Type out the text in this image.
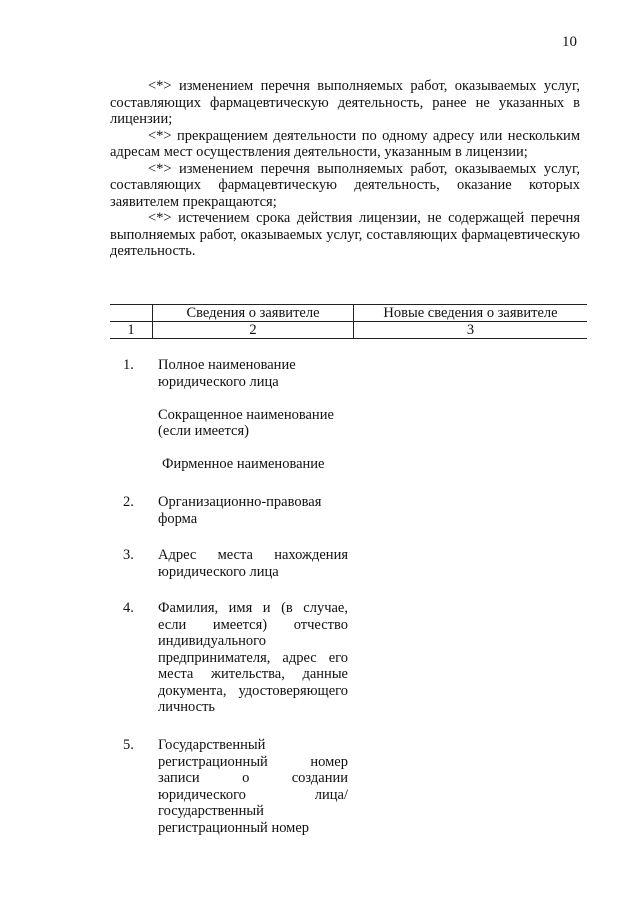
10

<*> изменением перечня выполняемых работ, оказываемых услуг, составляющих фармацевтическую деятельность, ранее не указанных в лицензии;

<*> прекращением деятельности по одному адресу или нескольким адресам мест осуществления деятельности, указанным в лицензии;

<*> изменением перечня выполняемых работ, оказываемых услуг, составляющих фармацевтическую деятельность, оказание которых заявителем прекращаются;

<*> истечением срока действия лицензии, не содержащей перечня выполняемых работ, оказываемых услуг, составляющих фармацевтическую деятельность.

	Сведения о заявителе	Новые сведения о заявителе
1	2	3
1. Полное наименование юридического лица

Сокращенное наименование (если имеется)

Фирменное наименование

2. Организационно-правовая форма

3. Адрес места нахождения юридического лица

4. Фамилия, имя и (в случае, если имеется) отчество индивидуального предпринимателя, адрес его места жительства, данные документа, удостоверяющего личность

5. Государственный регистрационный номер записи о создании юридического лица/ государственный регистрационный номер
